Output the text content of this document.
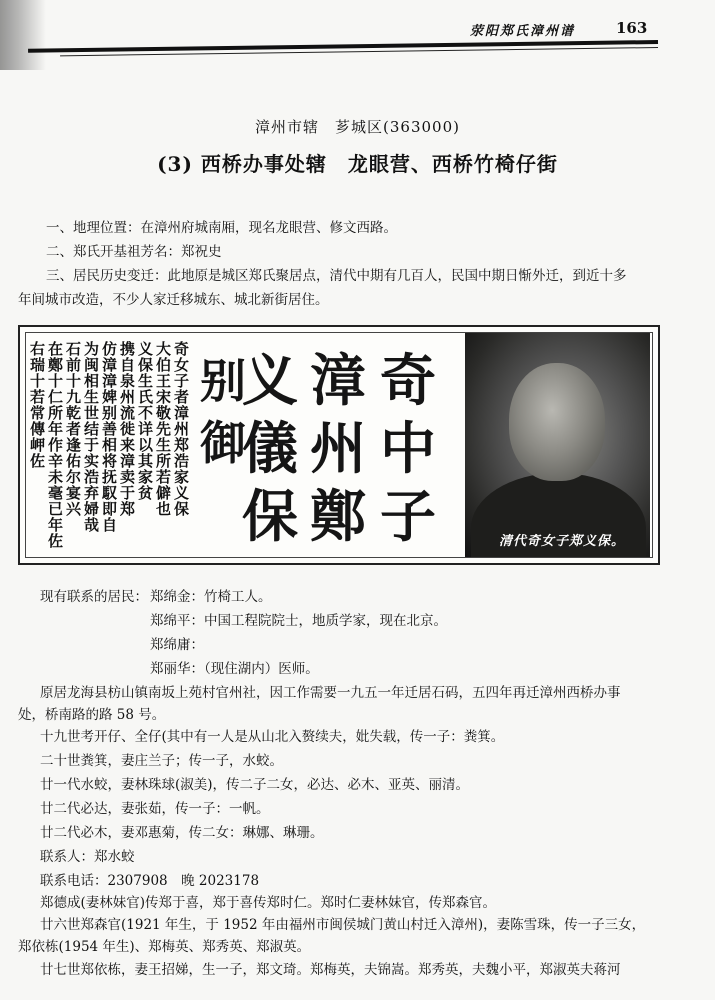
荥阳郑氏漳州谱	163
漳州市辖　芗城区(363000)
(3) 西桥办事处辖　龙眼营、西桥竹椅仔街
一、地理位置：在漳州府城南厢，现名龙眼营、修文西路。
二、郑氏开基祖芳名：郑祝史
三、居民历史变迁：此地原是城区郑氏聚居点，清代中期有几百人，民国中期日惭外迁，到近十多
年间城市改造，不少人家迁移城东、城北新街居住。
奇女子者漳州郑浩家义保
大伯王宋敬先生所若僻也
义保生氏不详以其家贫
携自泉州流徙来漳卖于郑
仿漳漳婢别善相将抚馭即自
为闽相生世结于实浩弃婦哉
石前十九乾者逢佑尔宴兴
在鄭十仁所年作辛未毫已年佐
右瑞十若常傳岬佐	奇
中
子
漳
州
鄭
义
儀
保
别
御
清代奇女子郑义保。
现有联系的居民： 郑绵金：竹椅工人。
郑绵平：中国工程院院士，地质学家，现在北京。
郑绵庸：
郑丽华：（现住湖内）医师。
原居龙海县枋山镇南坂上苑村官州社，因工作需要一九五一年迁居石码，五四年再迁漳州西桥办事
处，桥南路的路 58 号。
十九世考开仔、全仔(其中有一人是从山北入赘续夫，妣失载，传一子：粪箕。
二十世粪箕，妻庄兰子；传一子，水蛟。
廿一代水蛟，妻林珠球(淑美)，传二子二女，必达、必木、亚英、丽清。
廿二代必达，妻张茹，传一子：一帆。
廿二代必木，妻邓惠菊，传二女：琳娜、琳珊。
联系人：郑水蛟
联系电话：2307908　晚 2023178
郑德成(妻林妹官)传郑于喜，郑于喜传郑时仁。郑时仁妻林妹官，传郑森官。
廿六世郑森官(1921 年生，于 1952 年由福州市闽侯城门黄山村迁入漳州)，妻陈雪珠，传一子三女，
郑依栋(1954 年生)、郑梅英、郑秀英、郑淑英。
廿七世郑依栋，妻王招娣，生一子，郑文琦。郑梅英，夫锦嵩。郑秀英，夫魏小平，郑淑英夫蒋河
